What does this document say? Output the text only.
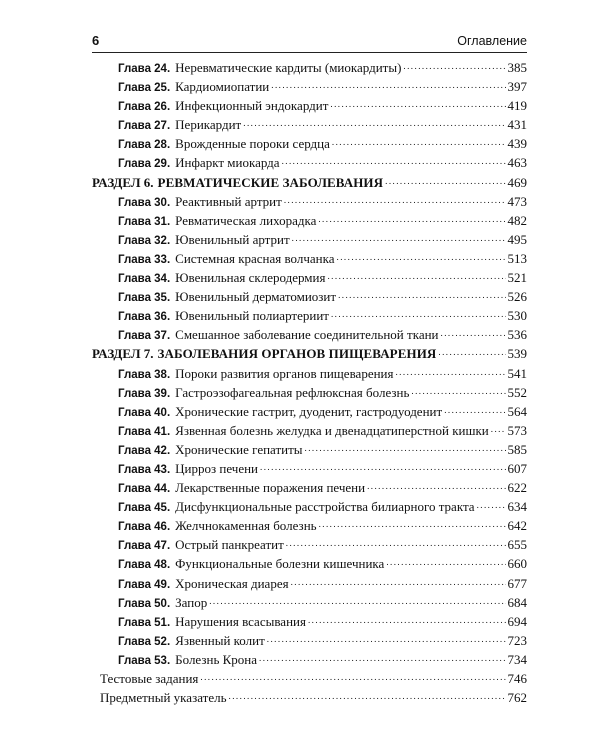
6	Оглавление
Глава 24. Неревматические кардиты (миокардиты) . . .	385
Глава 25. Кардиомиопатии . . .	397
Глава 26. Инфекционный эндокардит . . .	419
Глава 27. Перикардит . . .	431
Глава 28. Врожденные пороки сердца . . .	439
Глава 29. Инфаркт миокарда . . .	463
РАЗДЕЛ 6. РЕВМАТИЧЕСКИЕ ЗАБОЛЕВАНИЯ . . .	469
Глава 30. Реактивный артрит . . .	473
Глава 31. Ревматическая лихорадка . . .	482
Глава 32. Ювенильный артрит . . .	495
Глава 33. Системная красная волчанка . . .	513
Глава 34. Ювенильная склеродермия . . .	521
Глава 35. Ювенильный дерматомиозит . . .	526
Глава 36. Ювенильный полиартериит . . .	530
Глава 37. Смешанное заболевание соединительной ткани . . .	536
РАЗДЕЛ 7. ЗАБОЛЕВАНИЯ ОРГАНОВ ПИЩЕВАРЕНИЯ . . .	539
Глава 38. Пороки развития органов пищеварения . . .	541
Глава 39. Гастроэзофагеальная рефлюксная болезнь . . .	552
Глава 40. Хронические гастрит, дуоденит, гастродуоденит . . .	564
Глава 41. Язвенная болезнь желудка и двенадцатиперстной кишки . . . 573
Глава 42. Хронические гепатиты . . .	585
Глава 43. Цирроз печени . . .	607
Глава 44. Лекарственные поражения печени . . .	622
Глава 45. Дисфункциональные расстройства билиарного тракта . . .	634
Глава 46. Желчнокаменная болезнь . . .	642
Глава 47. Острый панкреатит . . .	655
Глава 48. Функциональные болезни кишечника . . .	660
Глава 49. Хроническая диарея . . .	677
Глава 50. Запор . . .	684
Глава 51. Нарушения всасывания . . .	694
Глава 52. Язвенный колит . . .	723
Глава 53. Болезнь Крона . . .	734
Тестовые задания . . .	746
Предметный указатель . . .	762
